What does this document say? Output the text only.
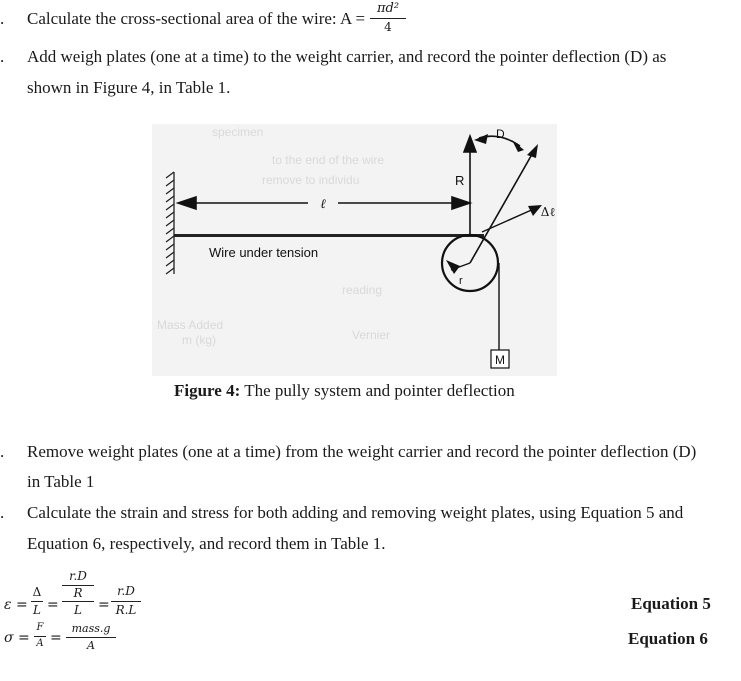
. Calculate the cross-sectional area of the wire: A =
πd²
4
. Add weigh plates (one at a time) to the weight carrier, and record the pointer deflection (D) as
shown in Figure 4, in Table 1.
specimen
to the end of the wire
remove to individu
reading
Mass Added
m (kg)	Vernier
ℓ
Wire under tension
r
R
D
Δℓ
M
Figure 4: The pully system and pointer deflection
. Remove weight plates (one at a time) from the weight carrier and record the pointer deflection (D)
in Table 1
. Calculate the strain and stress for both adding and removing weight plates, using Equation 5 and
Equation 6, respectively, and record them in Table 1.
ε =
Δ
L =
r.D
R
L	=
r.D
R.L	Equation 5
σ =
F
A =
mass.g
A	Equation 6
